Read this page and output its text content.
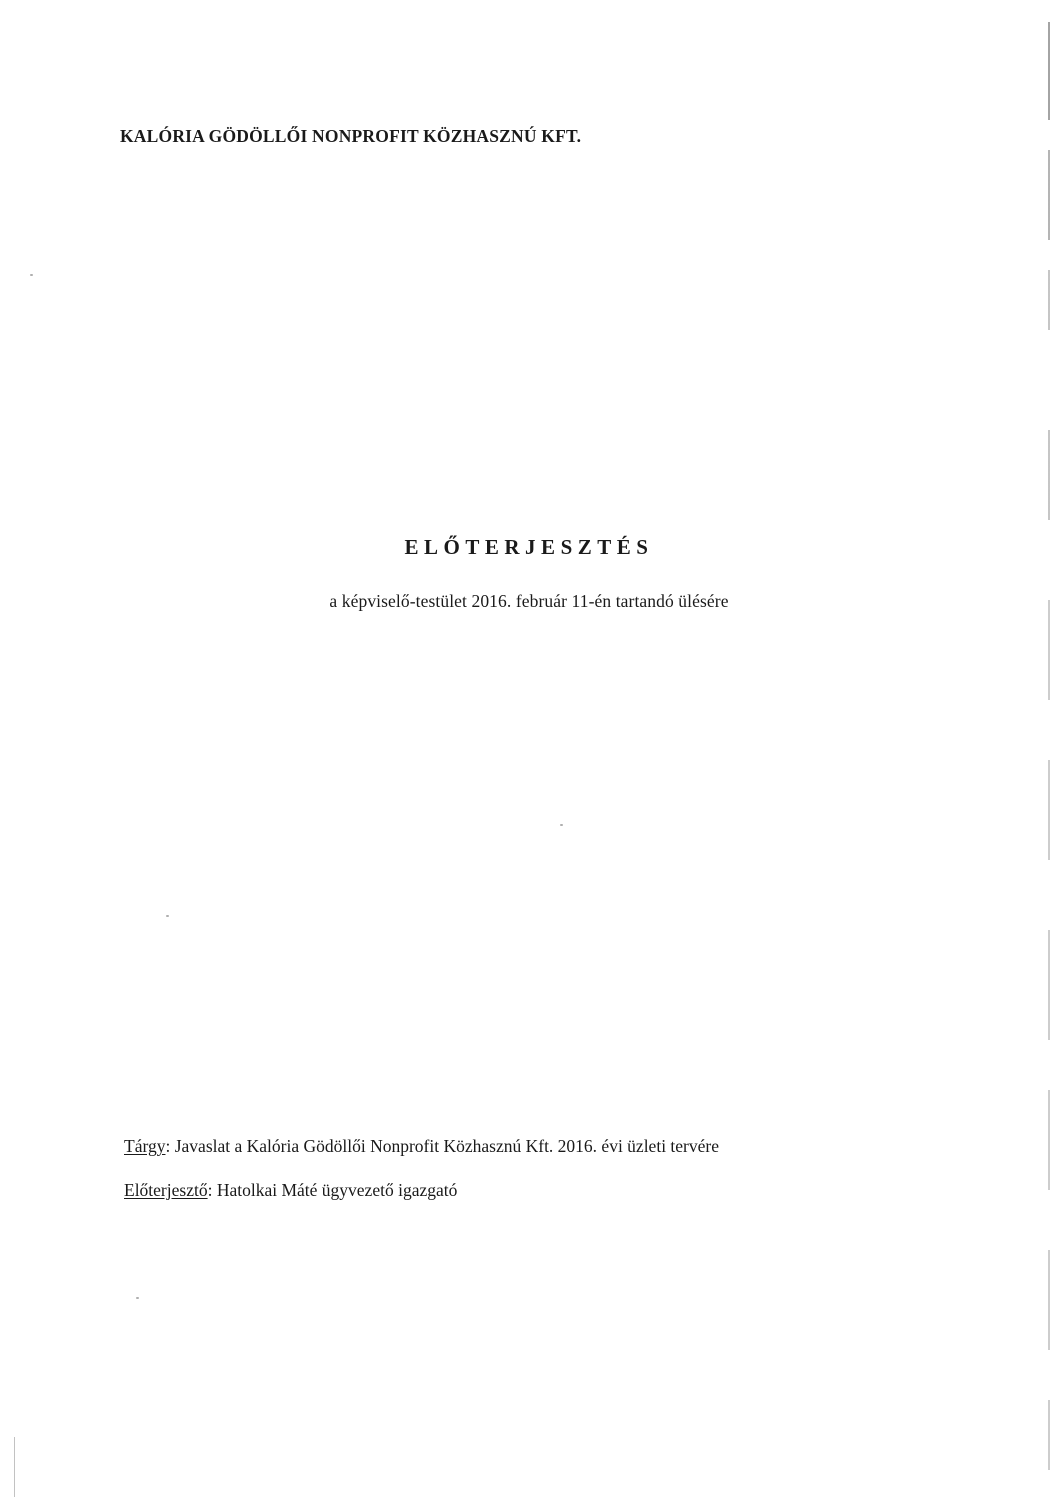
KALÓRIA GÖDÖLLŐI NONPROFIT KÖZHASZNÚ KFT.
ELŐTERJESZTÉS
a képviselő-testület 2016. február 11-én tartandó ülésére
Tárgy: Javaslat a Kalória Gödöllői Nonprofit Közhasznú Kft. 2016. évi üzleti tervére
Előterjesztő: Hatolkai Máté ügyvezető igazgató
